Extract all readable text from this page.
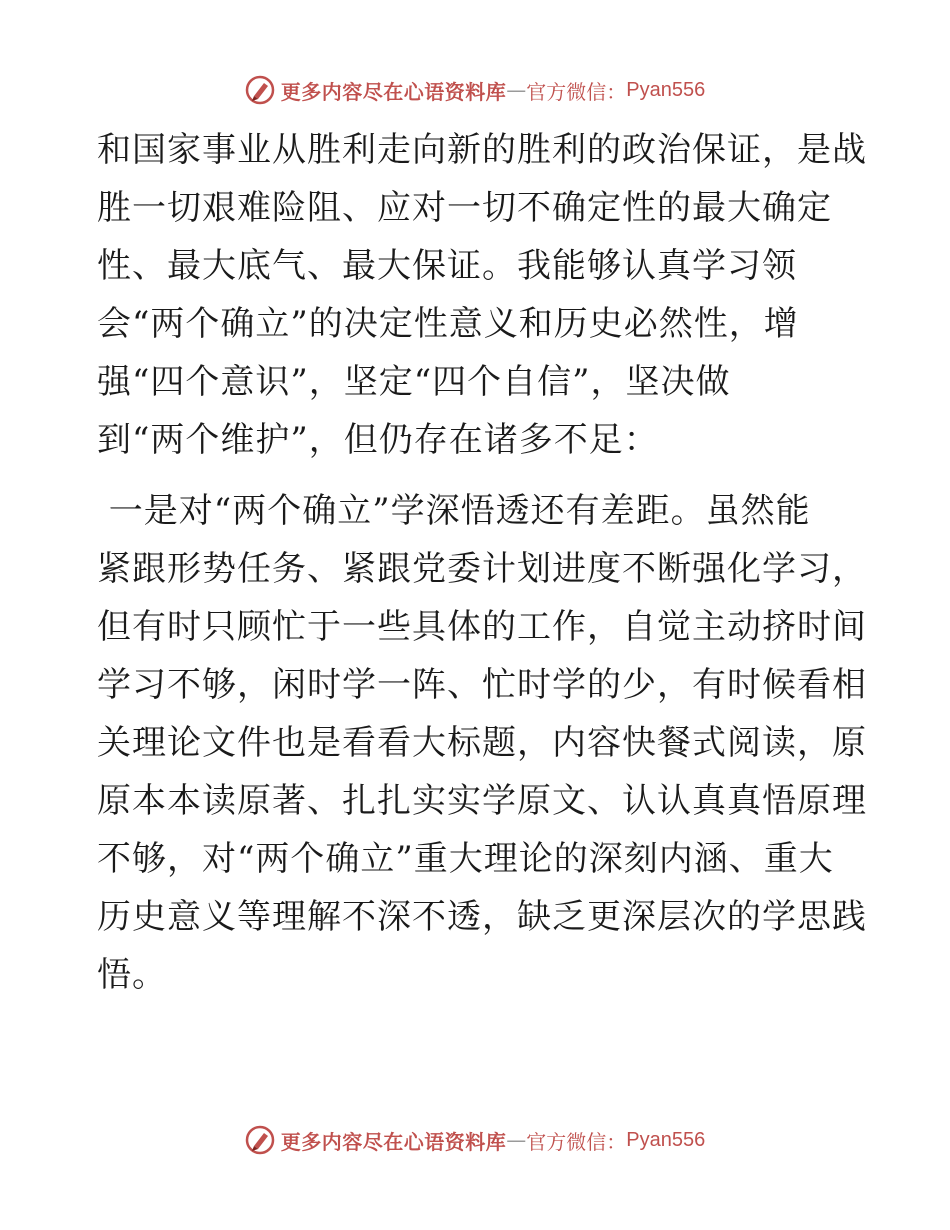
更多内容尽在心语资料库 — 官方微信： Pyan556
和国家事业从胜利走向新的胜利的政治保证，是战
胜一切艰难险阻、应对一切不确定性的最大确定
性、最大底气、最大保证。我能够认真学习领
会“两个确立”的决定性意义和历史必然性，增
强“四个意识”，坚定“四个自信”，坚决做
到“两个维护”，但仍存在诸多不足：
一是对“两个确立”学深悟透还有差距。虽然能
紧跟形势任务、紧跟党委计划进度不断强化学习，
但有时只顾忙于一些具体的工作，自觉主动挤时间
学习不够，闲时学一阵、忙时学的少，有时候看相
关理论文件也是看看大标题，内容快餐式阅读，原
原本本读原著、扎扎实实学原文、认认真真悟原理
不够，对“两个确立”重大理论的深刻内涵、重大
历史意义等理解不深不透，缺乏更深层次的学思践
悟。
更多内容尽在心语资料库 — 官方微信： Pyan556
